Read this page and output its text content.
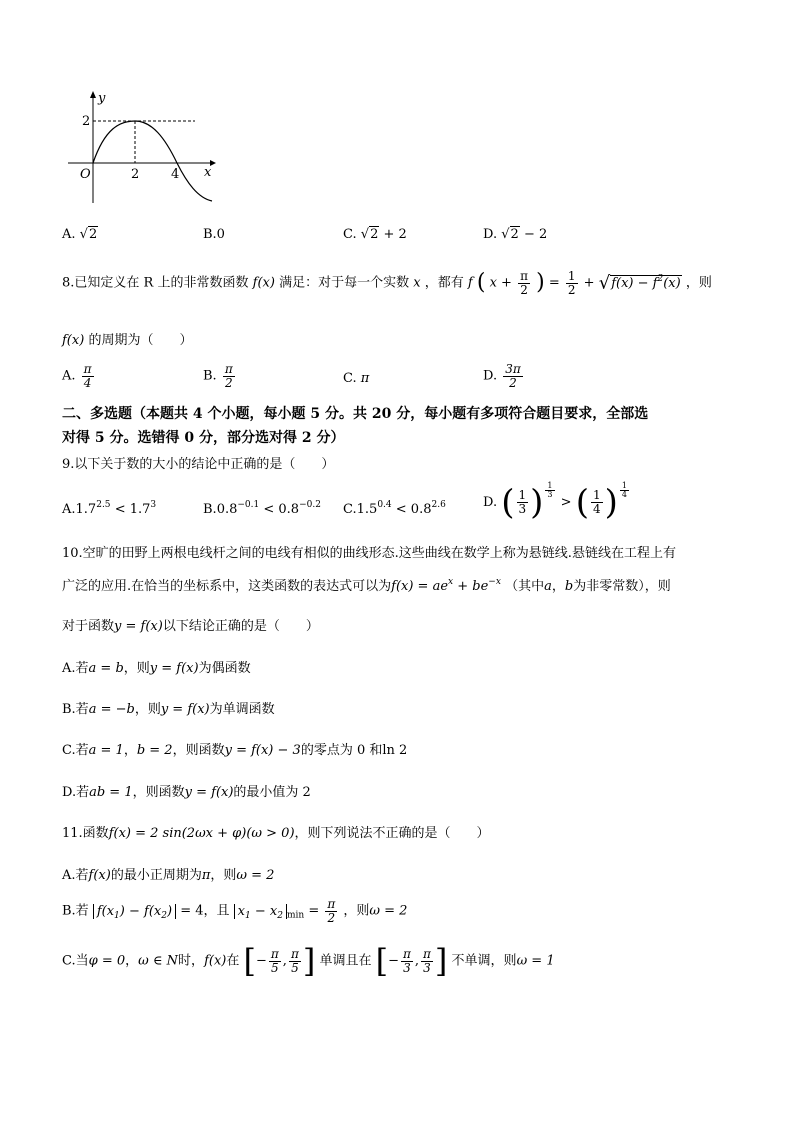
y
x
O
2
2 4
A. √2	B.0	C. √2 + 2	D. √2 − 2
8.已知定义在 R 上的非常数函数 f(x) 满足：对于每一个实数 x ，都有 f ( $x + \frac{\pi}{2}$ ) = $\frac{1}{2} + √f(x) - f^2(x)$ ，则
f(x) 的周期为（　　）
A. $\frac{\pi}{4}$	B. $\frac{\pi}{2}$	C. π	D. $\frac{3\pi}{2}$
二、多选题（本题共 4 个小题，每小题 5 分。共 20 分，每小题有多项符合题目要求，全部选
对得 5 分。选错得 0 分，部分选对得 2 分）
9.以下关于数的大小的结论中正确的是（　　）
$A.1.7^{2.5} < 1.7^3$	$B.0.8^{-0.1} < 0.8^{-0.2}$ $C.1.5^{0.4} < 0.8^{2.6}$	D. ( $\frac{1}{3}$ ) $\frac{1}{3}$
> ( $\frac{1}{4}$ ) $\frac{1}{4}$
10.空旷的田野上两根电线杆之间的电线有相似的曲线形态.这些曲线在数学上称为悬链线.悬链线在工程上有
广泛的应用.在恰当的坐标系中，这类函数的表达式可以为$f(x) = ae^x + be^{-x}$ （其中a，b为非零常数），则
对于函数y = f(x)以下结论正确的是（　　）
A.若a = b，则y = f(x)为偶函数
B.若a = −b，则y = f(x)为单调函数
C.若a = 1，b = 2，则函数y = f(x) − 3的零点为 0 和ln 2
D.若ab = 1，则函数y = f(x)的最小值为 2
11.函数f(x) = 2 sin(2ωx + φ)(ω > 0)，则下列说法不正确的是（　　）
A.若f(x)的最小正周期为π，则ω = 2
B.若 $f(x_1) - f(x_2) = 4$，且 $x_1 - x_2$ $_{min} = \frac{\pi}{2}$ ，则ω = 2
C.当φ = 0，ω ∈ N时，f(x)在 [− $\frac{\pi}{5}$ , $\frac{\pi}{5}$ ] 单调且在 [− $\frac{\pi}{3}$ , $\frac{\pi}{3}$ ] 不单调，则ω = 1
